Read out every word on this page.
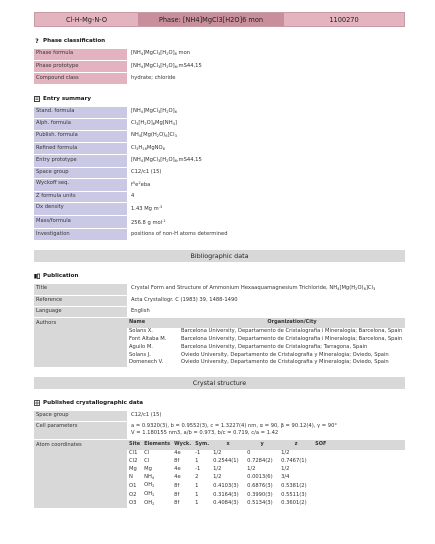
Cl-H-Mg-N-O	Phase: [NH4]MgCl3[H2O]6 mon	1100270
? Phase classification
Phase formula	$[NH_4]MgCl_3[H_2O]_6$ mon
Phase prototype	$[NH_4]MgCl_3[H_2O]_6,mS44,15$
Compound class	hydrate; chloride
Entry summary
Stand. formula	$[NH_4]MgCl_3[H_2O]_6$
Alph. formula	$Cl_3[H_2O]_6Mg[NH_4]$
Publish. formula	$NH_4[Mg(H_2O)_6]Cl_3$
Refined formula	$Cl_3H_{16}MgNO_6$
Entry prototype	$[NH_4]MgCl_3[H_2O]_6,mS44,15$
Space group	C12/c1 (15)
Wyckoff seq.	$f^5e^2eba$
Z formula units	4
Dx density	1.43 Mg $m^{-3}$
Mass/formula	256.8 g mol$^{-1}$
Investigation	positions of non-H atoms determined
Bibliographic data
Publication
Title	Crystal Form and Structure of Ammonium Hexaaquamagnesium Trichloride, $NH_4[Mg(H_2O)_6]Cl_3$
Reference	Acta Crystallogr. C (1983) 39, 1488-1490
Language	English
Authors	Name	Organization/City
Solans X.	Barcelona University, Departamento de Cristalografia i Mineralogia; Barcelona, Spain
Font Altaba M.	Barcelona University, Departamento de Cristalografia i Mineralogia; Barcelona, Spain
Aguilo M.	Barcelona University, Departamento de Cristalografia; Tarragona, Spain
Solans J.	Oviedo University, Departamento de Cristalografia y Mineralogia; Oviedo, Spain
Domenech V.	Oviedo University, Departamento de Cristalografia y Mineralogia; Oviedo, Spain
Crystal structure
Published crystallographic data
Space group	C12/c1 (15)
Cell parameters	a = 0.9320(3), b = 0.9552(3), c = 1.3227(4) nm, α = 90, β = 90.12(4), γ = 90°
V = 1.180155 nm3, a/b = 0.973, b/c = 0.719, c/a = 1.42
Atom coordinates	Site	Elements	Wyck.	Sym.	x	y	z	SOF
Cl1	Cl	4e	-1	1/2	0	1/2	
Cl2	Cl	8f	1	0.2544(1)	0.7284(2)	0.7467(1)	
Mg	Mg	4e	-1	1/2	1/2	1/2	
N	$NH_4$	4e	2	1/2	0.0013(6)	3/4	
O1	$OH_2$	8f	1	0.4103(3)	0.6876(3)	0.5381(2)	
O2	$OH_2$	8f	1	0.3164(3)	0.3990(3)	0.5511(3)	
O3	$OH_2$	8f	1	0.4084(3)	0.5134(3)	0.3601(2)	
